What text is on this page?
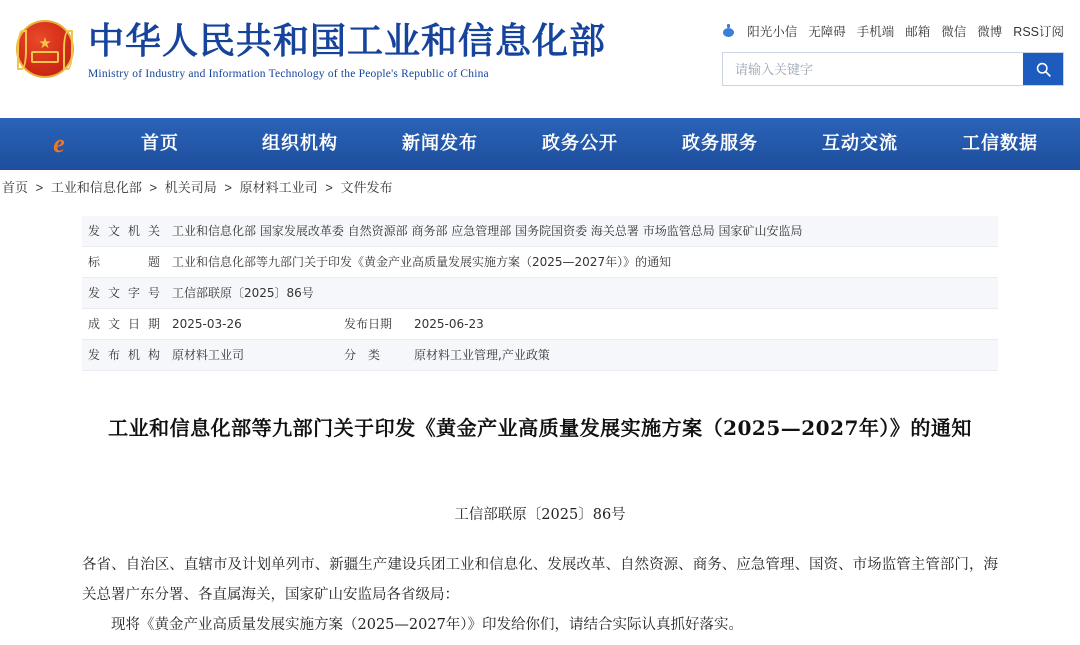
★ 中华人民共和国工业和信息化部
Ministry of Industry and Information Technology of the People's Republic of China
阳光小信 无障碍 手机端 邮箱 微信 微博 RSS订阅
请输入关键字
e	首页	组织机构	新闻发布	政务公开	政务服务	互动交流	工信数据
首页 > 工业和信息化部 > 机关司局 > 原材料工业司 > 文件发布
发文机关	工业和信息化部 国家发展改革委 自然资源部 商务部 应急管理部 国务院国资委 海关总署 市场监管总局 国家矿山安监局		
标　题	工业和信息化部等九部门关于印发《黄金产业高质量发展实施方案（2025—2027年）》的通知		
发文字号	工信部联原〔2025〕86号		
成文日期	2025-03-26	发布日期	2025-06-23
发布机构	原材料工业司	分　类	原材料工业管理,产业政策
工业和信息化部等九部门关于印发《黄金产业高质量发展实施方案（2025—2027年）》的通知
工信部联原〔2025〕86号
各省、自治区、直辖市及计划单列市、新疆生产建设兵团工业和信息化、发展改革、自然资源、商务、应急管理、国资、市场监管主管部门，海关总署广东分署、各直属海关，国家矿山安监局各省级局：
现将《黄金产业高质量发展实施方案（2025—2027年）》印发给你们，请结合实际认真抓好落实。
